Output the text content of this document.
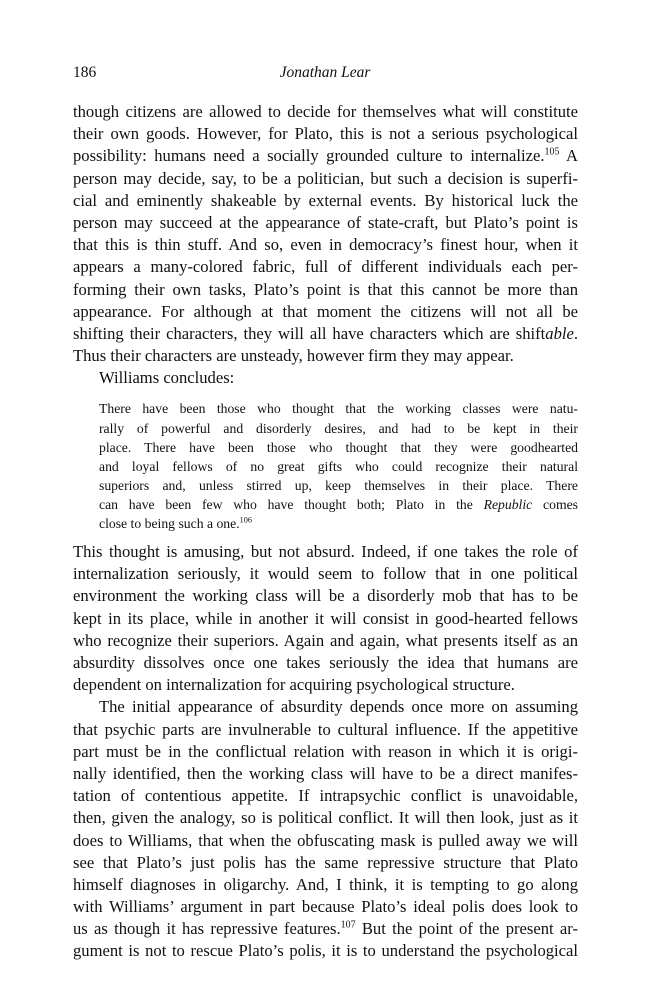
186	Jonathan Lear
though citizens are allowed to decide for themselves what will constitute
their own goods. However, for Plato, this is not a serious psychological
possibility: humans need a socially grounded culture to internalize.$^{105}$ A
person may decide, say, to be a politician, but such a decision is superfi-
cial and eminently shakeable by external events. By historical luck the
person may succeed at the appearance of state-craft, but Plato’s point is
that this is thin stuff. And so, even in democracy’s finest hour, when it
appears a many-colored fabric, full of different individuals each per-
forming their own tasks, Plato’s point is that this cannot be more than
appearance. For although at that moment the citizens will not all be
shifting their characters, they will all have characters which are shiftable.
Thus their characters are unsteady, however firm they may appear.
Williams concludes:
There have been those who thought that the working classes were natu-
rally of powerful and disorderly desires, and had to be kept in their
place. There have been those who thought that they were goodhearted
and loyal fellows of no great gifts who could recognize their natural
superiors and, unless stirred up, keep themselves in their place. There
can have been few who have thought both; Plato in the Republic comes
close to being such a one.$^{106}$
This thought is amusing, but not absurd. Indeed, if one takes the role of
internalization seriously, it would seem to follow that in one political
environment the working class will be a disorderly mob that has to be
kept in its place, while in another it will consist in good-hearted fellows
who recognize their superiors. Again and again, what presents itself as an
absurdity dissolves once one takes seriously the idea that humans are
dependent on internalization for acquiring psychological structure.
The initial appearance of absurdity depends once more on assuming
that psychic parts are invulnerable to cultural influence. If the appetitive
part must be in the conflictual relation with reason in which it is origi-
nally identified, then the working class will have to be a direct manifes-
tation of contentious appetite. If intrapsychic conflict is unavoidable,
then, given the analogy, so is political conflict. It will then look, just as it
does to Williams, that when the obfuscating mask is pulled away we will
see that Plato’s just polis has the same repressive structure that Plato
himself diagnoses in oligarchy. And, I think, it is tempting to go along
with Williams’ argument in part because Plato’s ideal polis does look to
us as though it has repressive features.$^{107}$ But the point of the present ar-
gument is not to rescue Plato’s polis, it is to understand the psychological
